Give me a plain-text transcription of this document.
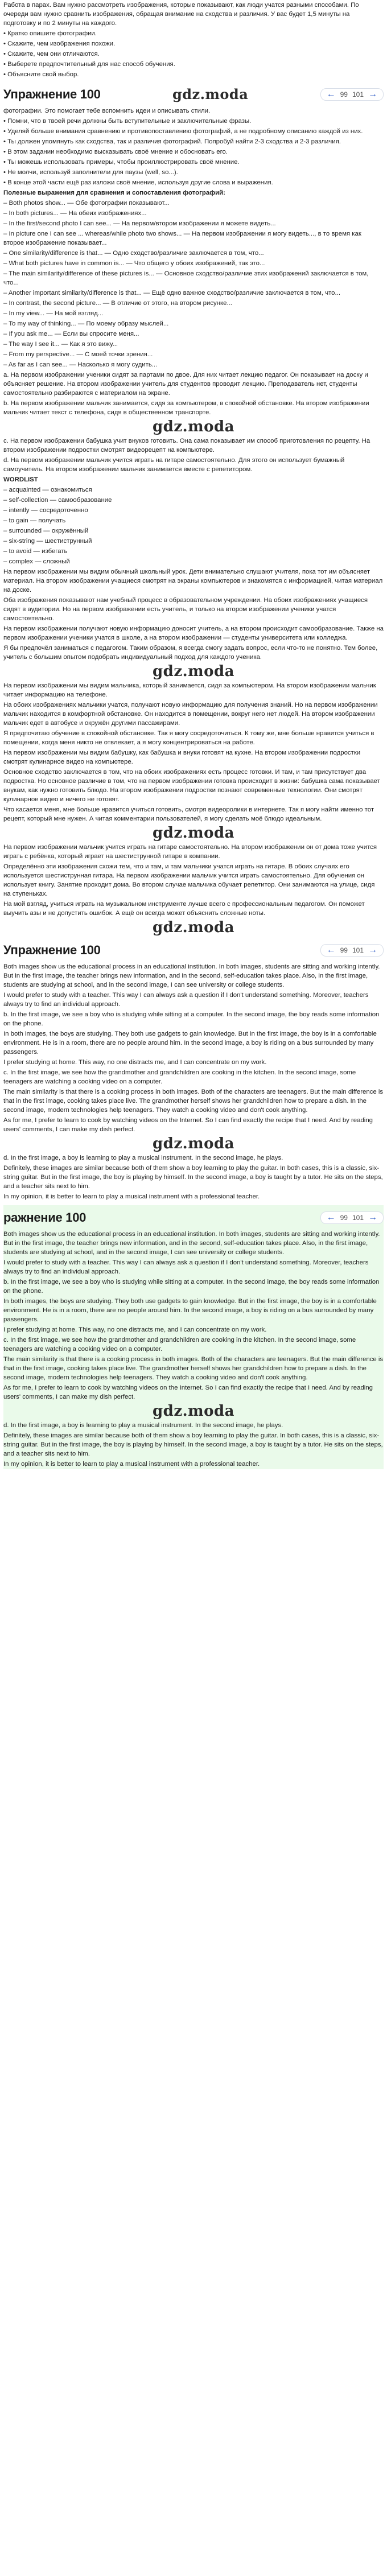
Работа в парах. Вам нужно рассмотреть изображения, которые показывают, как люди учатся разными способами. По очереди вам нужно сравнить изображения, обращая внимание на сходства и различия. У вас будет 1,5 минуты на подготовку и по 2 минуты на каждого.

• Кратко опишите фотографии.

• Скажите, чем изображения похожи.

• Скажите, чем они отличаются.

• Выберете предпочтительный для нас способ обучения.

• Объясните свой выбор.

Упражнение 100	gdz.moda	← 99 101 →

фотографии. Это помогает тебе вспомнить идеи и описывать стили.

• Помни, что в твоей речи должны быть вступительные и заключительные фразы.

• Уделяй больше внимания сравнению и противопоставлению фотографий, а не подробному описанию каждой из них.

• Ты должен упомянуть как сходства, так и различия фотографий. Попробуй найти 2-3 сходства и 2-3 различия.

• В этом задании необходимо высказывать своё мнение и обосновать его.

• Ты можешь использовать примеры, чтобы проиллюстрировать своё мнение.

• Не молчи, используй заполнители для паузы (well, so...).

• В конце этой части ещё раз изложи своё мнение, используя другие слова и выражения.

Полезные выражения для сравнения и сопоставления фотографий:

– Both photos show... — Обе фотографии показывают...

– In both pictures... — На обеих изображениях...

– In the first/second photo I can see... — На первом/втором изображении я можете видеть...

– In picture one I can see ... whereas/while photo two shows... — На первом изображении я могу видеть..., в то время как второе изображение показывает...

– One similarity/difference is that... — Одно сходство/различие заключается в том, что...

– What both pictures have in common is... — Что общего у обоих изображений, так это...

– The main similarity/difference of these pictures is... — Основное сходство/различие этих изображений заключается в том, что...

– Another important similarity/difference is that... — Ещё одно важное сходство/различие заключается в том, что...

– In contrast, the second picture... — В отличие от этого, на втором рисунке...

– In my view... — На мой взгляд...

– To my way of thinking... — По моему образу мыслей...

– If you ask me... — Если вы спросите меня...

– The way I see it... — Как я это вижу...

– From my perspective... — С моей точки зрения...

– As far as I can see... — Насколько я могу судить...

a. На первом изображении ученики сидят за партами по двое. Для них читает лекцию педагог. Он показывает на доску и объясняет решение. На втором изображении учитель для студентов проводит лекцию. Преподаватель нет, студенты самостоятельно разбираются с материалом на экране.

b. На первом изображении мальчик занимается, сидя за компьютером, в спокойной обстановке. На втором изображении мальчик читает текст с телефона, сидя в общественном транспорте.

gdz.moda

c. На первом изображении бабушка учит внуков готовить. Она сама показывает им способ приготовления по рецепту. На втором изображении подростки смотрят видеорецепт на компьютере.

d. На первом изображении мальчик учится играть на гитаре самостоятельно. Для этого он использует бумажный самоучитель. На втором изображении мальчик занимается вместе с репетитором.

WORDLIST

– acquainted — ознакомиться

– self-collection — самообразование

– intently — сосредоточенно

– to gain — получать

– surrounded — окружённый

– six-string — шестиструнный

– to avoid — избегать

– complex — сложный

На первом изображении мы видим обычный школьный урок. Дети внимательно слушают учителя, пока тот им объясняет материал. На втором изображении учащиеся смотрят на экраны компьютеров и знакомятся с информацией, читая материал на доске.

Оба изображения показывают нам учебный процесс в образовательном учреждении. На обоих изображениях учащиеся сидят в аудитории. Но на первом изображении есть учитель, и только на втором изображении ученики учатся самостоятельно.

На первом изображении получают новую информацию доносит учитель, а на втором происходит самообразование. Также на первом изображении ученики учатся в школе, а на втором изображении — студенты университета или колледжа.

Я бы предпочёл заниматься с педагогом. Таким образом, я всегда смогу задать вопрос, если что-то не понятно. Тем более, учитель с большим опытом подобрать индивидуальный подход для каждого ученика.

gdz.moda

На первом изображении мы видим мальчика, который занимается, сидя за компьютером. На втором изображении мальчик читает информацию на телефоне.

На обоих изображениях мальчики учатся, получают новую информацию для получения знаний. Но на первом изображении мальчик находится в комфортной обстановке. Он находится в помещении, вокруг него нет людей. На втором изображении мальчик едет в автобусе и окружён другими пассажирами.

Я предпочитаю обучение в спокойной обстановке. Так я могу сосредоточиться. К тому же, мне больше нравится учиться в помещении, когда меня никто не отвлекает, а я могу концентрироваться на работе.

На первом изображении мы видим бабушку, как бабушка и внуки готовят на кухне. На втором изображении подростки смотрят кулинарное видео на компьютере.

Основное сходство заключается в том, что на обоих изображениях есть процесс готовки. И там, и там присутствует два подростка. Но основное различие в том, что на первом изображении готовка происходит в жизни: бабушка сама показывает внукам, как нужно готовить блюдо. На втором изображении подростки познают современные технологии. Они смотрят кулинарное видео и ничего не готовят.

Что касается меня, мне больше нравится учиться готовить, смотря видеоролики в интернете. Так я могу найти именно тот рецепт, который мне нужен. А читая комментарии пользователей, я могу сделать моё блюдо идеальным.

gdz.moda

На первом изображении мальчик учится играть на гитаре самостоятельно. На втором изображении он от дома тоже учится играть с ребёнка, который играет на шестиструнной гитаре в компании.

Определённо эти изображения схожи тем, что и там, и там мальчики учатся играть на гитаре. В обоих случаях его используется шестиструнная гитара. На первом изображении мальчик учится играть самостоятельно. Для обучения он использует книгу. Занятие проходит дома. Во втором случае мальчика обучает репетитор. Они занимаются на улице, сидя на ступеньках.

На мой взгляд, учиться играть на музыкальном инструменте лучше всего с профессиональным педагогом. Он поможет выучить азы и не допустить ошибок. А ещё он всегда может объяснить сложные ноты.

gdz.moda
Упражнение 100	← 99 101 →

Both images show us the educational process in an educational institution. In both images, students are sitting and working intently. But in the first image, the teacher brings new information, and in the second, self-education takes place. Also, in the first image, students are studying at school, and in the second image, I can see university or college students.

I would prefer to study with a teacher. This way I can always ask a question if I don't understand something. Moreover, teachers always try to find an individual approach.

b. In the first image, we see a boy who is studying while sitting at a computer. In the second image, the boy reads some information on the phone.

In both images, the boys are studying. They both use gadgets to gain knowledge. But in the first image, the boy is in a comfortable environment. He is in a room, there are no people around him. In the second image, a boy is riding on a bus surrounded by many passengers.

I prefer studying at home. This way, no one distracts me, and I can concentrate on my work.

c. In the first image, we see how the grandmother and grandchildren are cooking in the kitchen. In the second image, some teenagers are watching a cooking video on a computer.

The main similarity is that there is a cooking process in both images. Both of the characters are teenagers. But the main difference is that in the first image, cooking takes place live. The grandmother herself shows her grandchildren how to prepare a dish. In the second image, modern technologies help teenagers. They watch a cooking video and don't cook anything.

As for me, I prefer to learn to cook by watching videos on the Internet. So I can find exactly the recipe that I need. And by reading users' comments, I can make my dish perfect.

gdz.moda

d. In the first image, a boy is learning to play a musical instrument. In the second image, he plays.

Definitely, these images are similar because both of them show a boy learning to play the guitar. In both cases, this is a classic, six-string guitar. But in the first image, the boy is playing by himself. In the second image, a boy is taught by a tutor. He sits on the steps, and a teacher sits next to him.

In my opinion, it is better to learn to play a musical instrument with a professional teacher.

ражнение 100	← 99 101 →

Both images show us the educational process in an educational institution. In both images, students are sitting and working intently. But in the first image, the teacher brings new information, and in the second, self-education takes place. Also, in the first image, students are studying at school, and in the second image, I can see university or college students.

I would prefer to study with a teacher. This way I can always ask a question if I don't understand something. Moreover, teachers always try to find an individual approach.

b. In the first image, we see a boy who is studying while sitting at a computer. In the second image, the boy reads some information on the phone.

In both images, the boys are studying. They both use gadgets to gain knowledge. But in the first image, the boy is in a comfortable environment. He is in a room, there are no people around him. In the second image, a boy is riding on a bus surrounded by many passengers.

I prefer studying at home. This way, no one distracts me, and I can concentrate on my work.

c. In the first image, we see how the grandmother and grandchildren are cooking in the kitchen. In the second image, some teenagers are watching a cooking video on a computer.

The main similarity is that there is a cooking process in both images. Both of the characters are teenagers. But the main difference is that in the first image, cooking takes place live. The grandmother herself shows her grandchildren how to prepare a dish. In the second image, modern technologies help teenagers. They watch a cooking video and don't cook anything.

As for me, I prefer to learn to cook by watching videos on the Internet. So I can find exactly the recipe that I need. And by reading users' comments, I can make my dish perfect.

gdz.moda

d. In the first image, a boy is learning to play a musical instrument. In the second image, he plays.

Definitely, these images are similar because both of them show a boy learning to play the guitar. In both cases, this is a classic, six-string guitar. But in the first image, the boy is playing by himself. In the second image, a boy is taught by a tutor. He sits on the steps, and a teacher sits next to him.

In my opinion, it is better to learn to play a musical instrument with a professional teacher.
